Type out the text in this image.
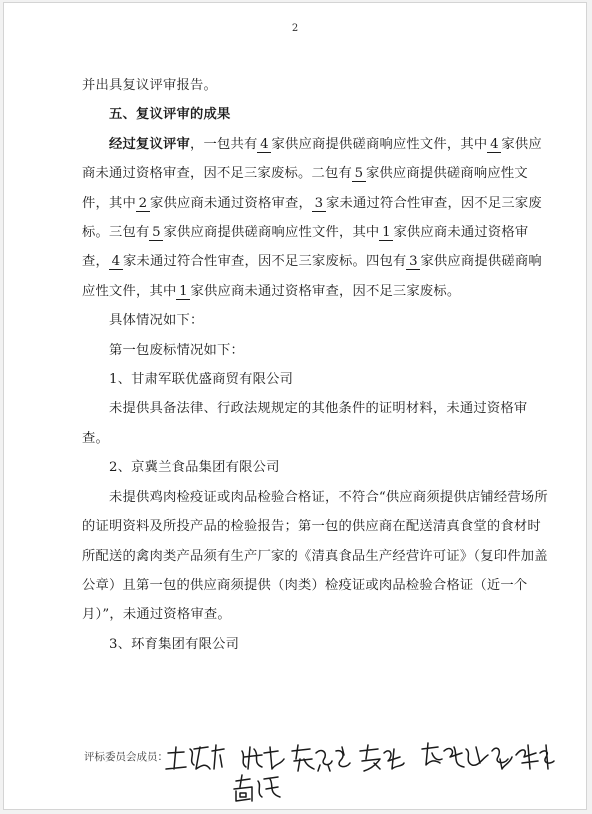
2

并出具复议评审报告。

五、复议评审的成果

经过复议评审，一包共有 4 家供应商提供磋商响应性文件，其中 4 家供应商未通过资格审查，因不足三家废标。二包有 5 家供应商提供磋商响应性文件，其中 2 家供应商未通过资格审查， 3 家未通过符合性审查，因不足三家废标。三包有 5 家供应商提供磋商响应性文件，其中 1 家供应商未通过资格审查， 4 家未通过符合性审查，因不足三家废标。四包有 3 家供应商提供磋商响应性文件，其中 1 家供应商未通过资格审查，因不足三家废标。

具体情况如下：

第一包废标情况如下：

1、甘肃军联优盛商贸有限公司

未提供具备法律、行政法规规定的其他条件的证明材料，未通过资格审查。

2、京冀兰食品集团有限公司

未提供鸡肉检疫证或肉品检验合格证，不符合“供应商须提供店铺经营场所的证明资料及所投产品的检验报告；第一包的供应商在配送清真食堂的食材时所配送的禽肉类产品须有生产厂家的《清真食品生产经营许可证》（复印件加盖公章）且第一包的供应商须提供（肉类）检疫证或肉品检验合格证（近一个月）”，未通过资格审查。

3、环育集团有限公司

评标委员会成员：
